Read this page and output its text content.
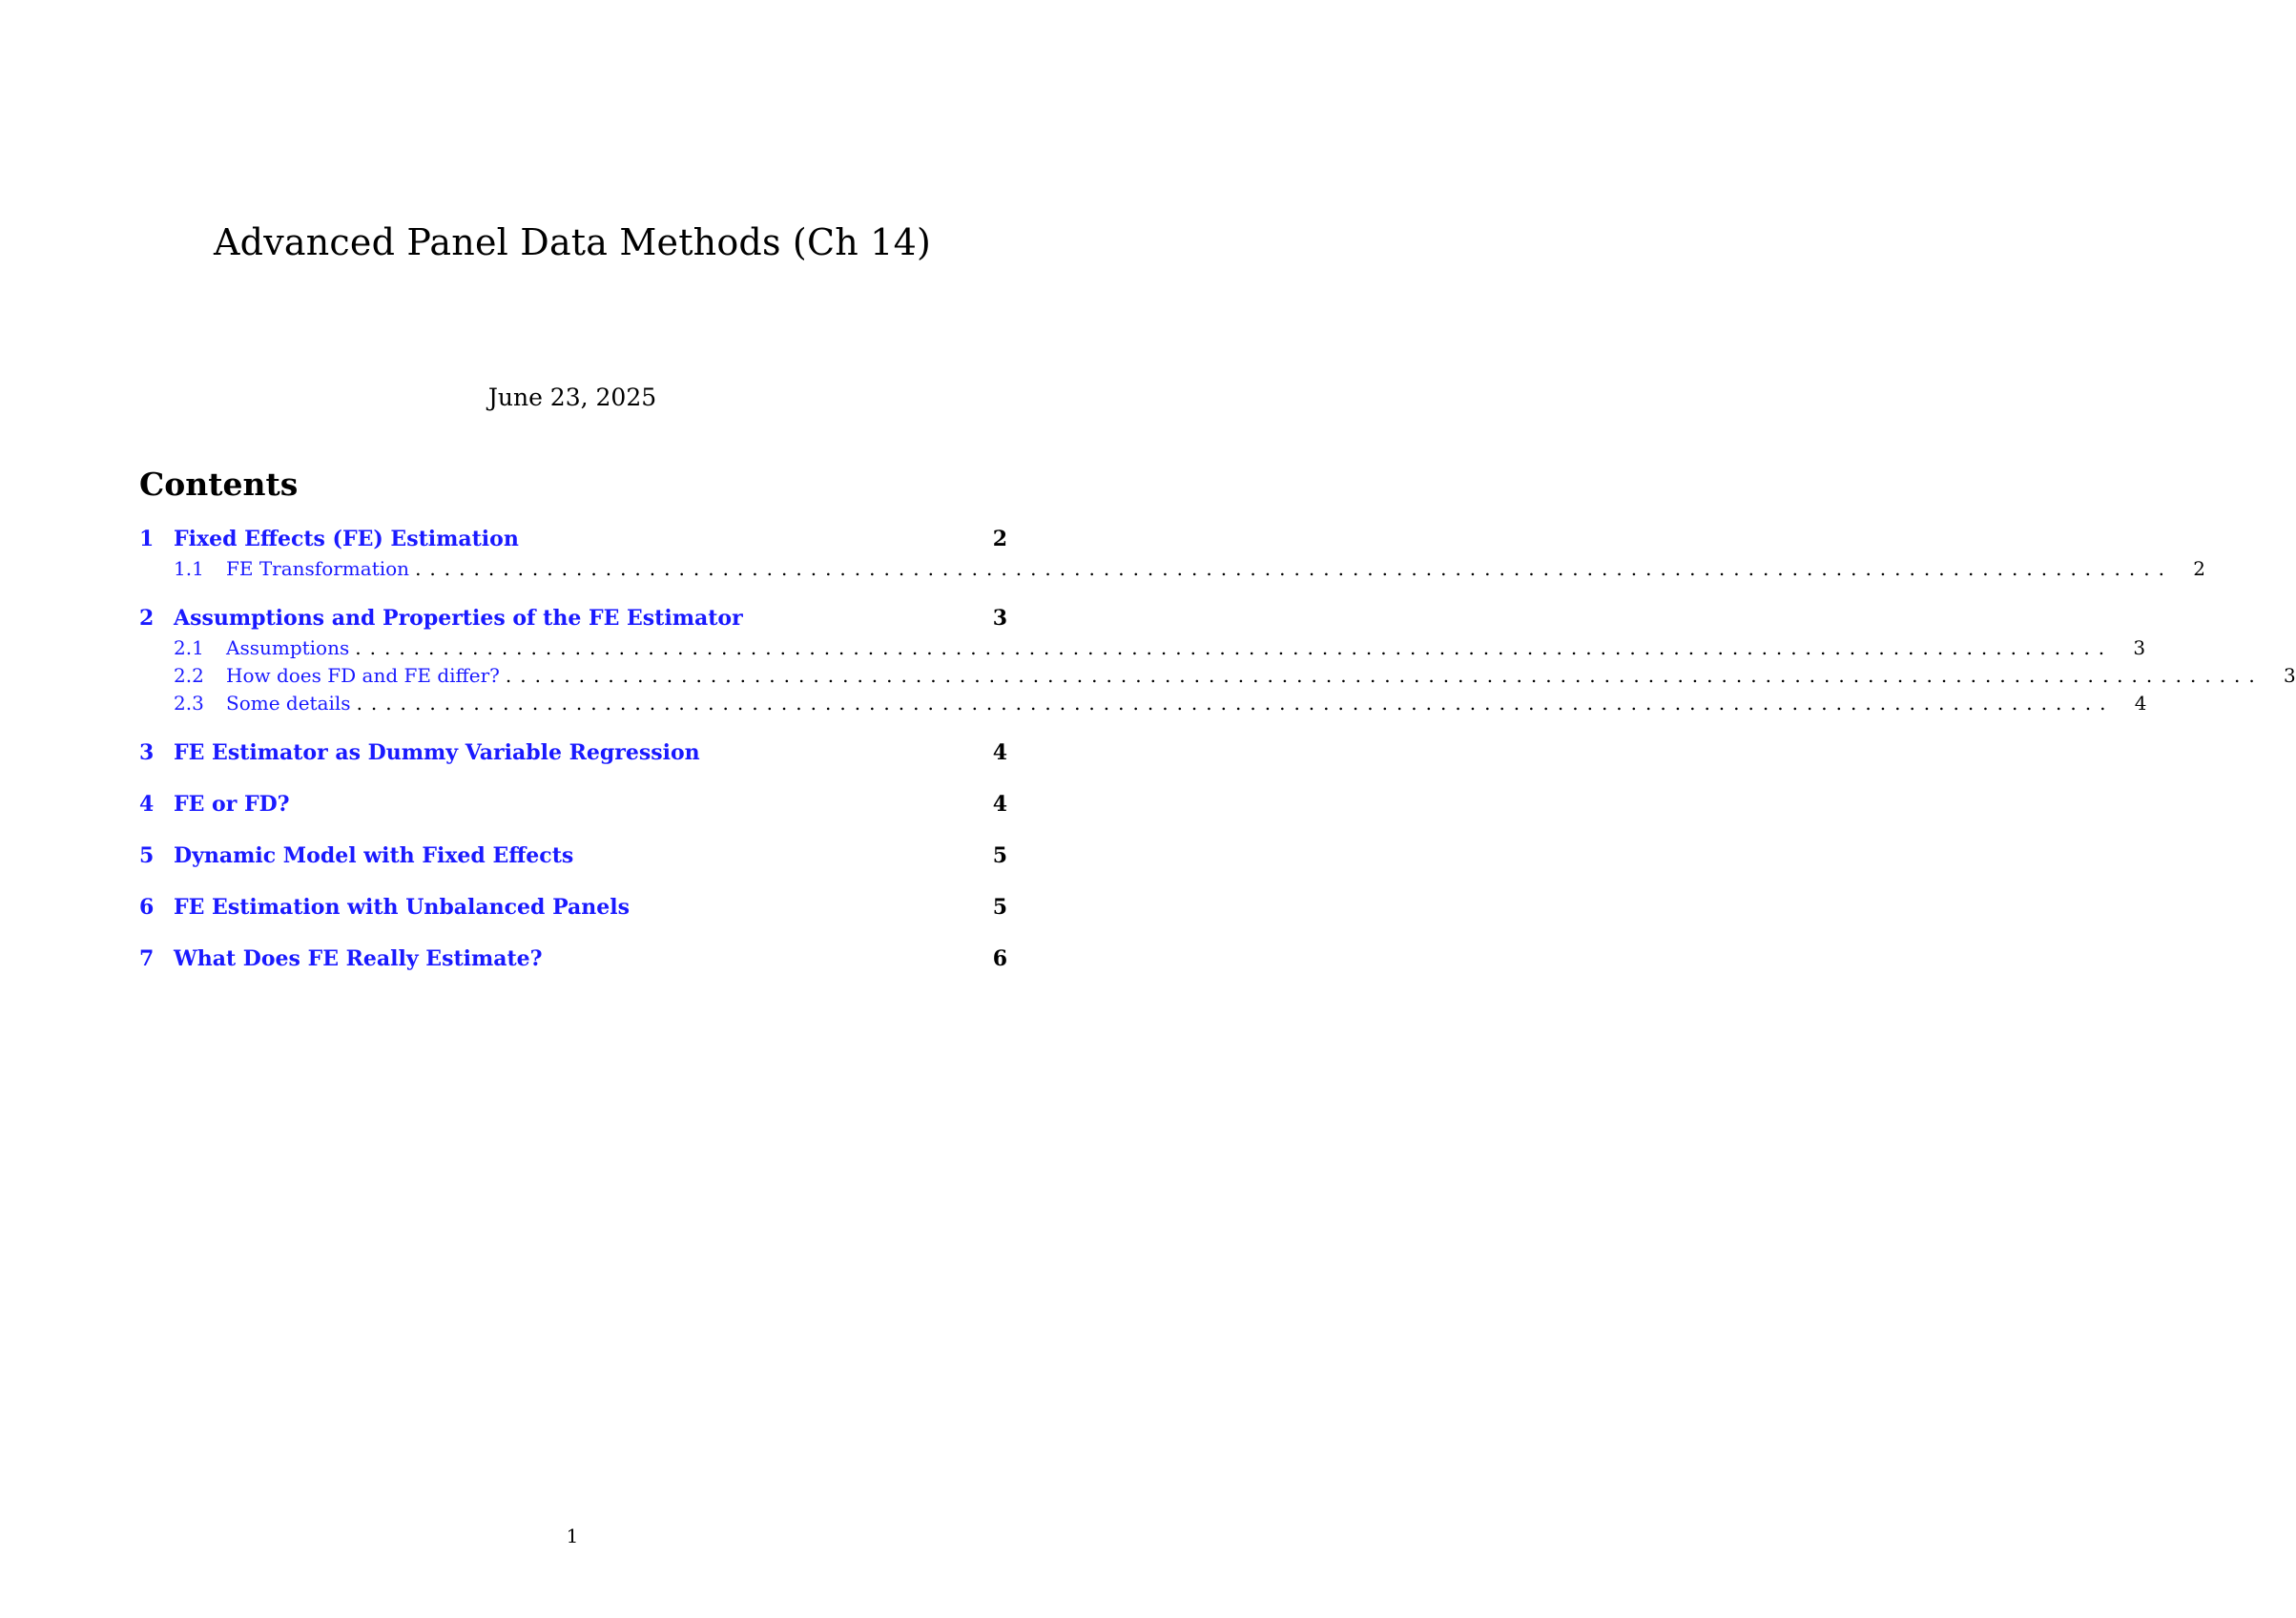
Advanced Panel Data Methods (Ch 14)
June 23, 2025
Contents
1 Fixed Effects (FE) Estimation	2
1.1	FE Transformation ........................................................................................................................	2
2 Assumptions and Properties of the FE Estimator	3
2.1	Assumptions ........................................................................................................................	3
2.2	How does FD and FE differ? ........................................................................................................................	3
2.3	Some details ........................................................................................................................	4
3 FE Estimator as Dummy Variable Regression	4
4 FE or FD?	4
5 Dynamic Model with Fixed Effects	5
6 FE Estimation with Unbalanced Panels	5
7 What Does FE Really Estimate?	6
1
